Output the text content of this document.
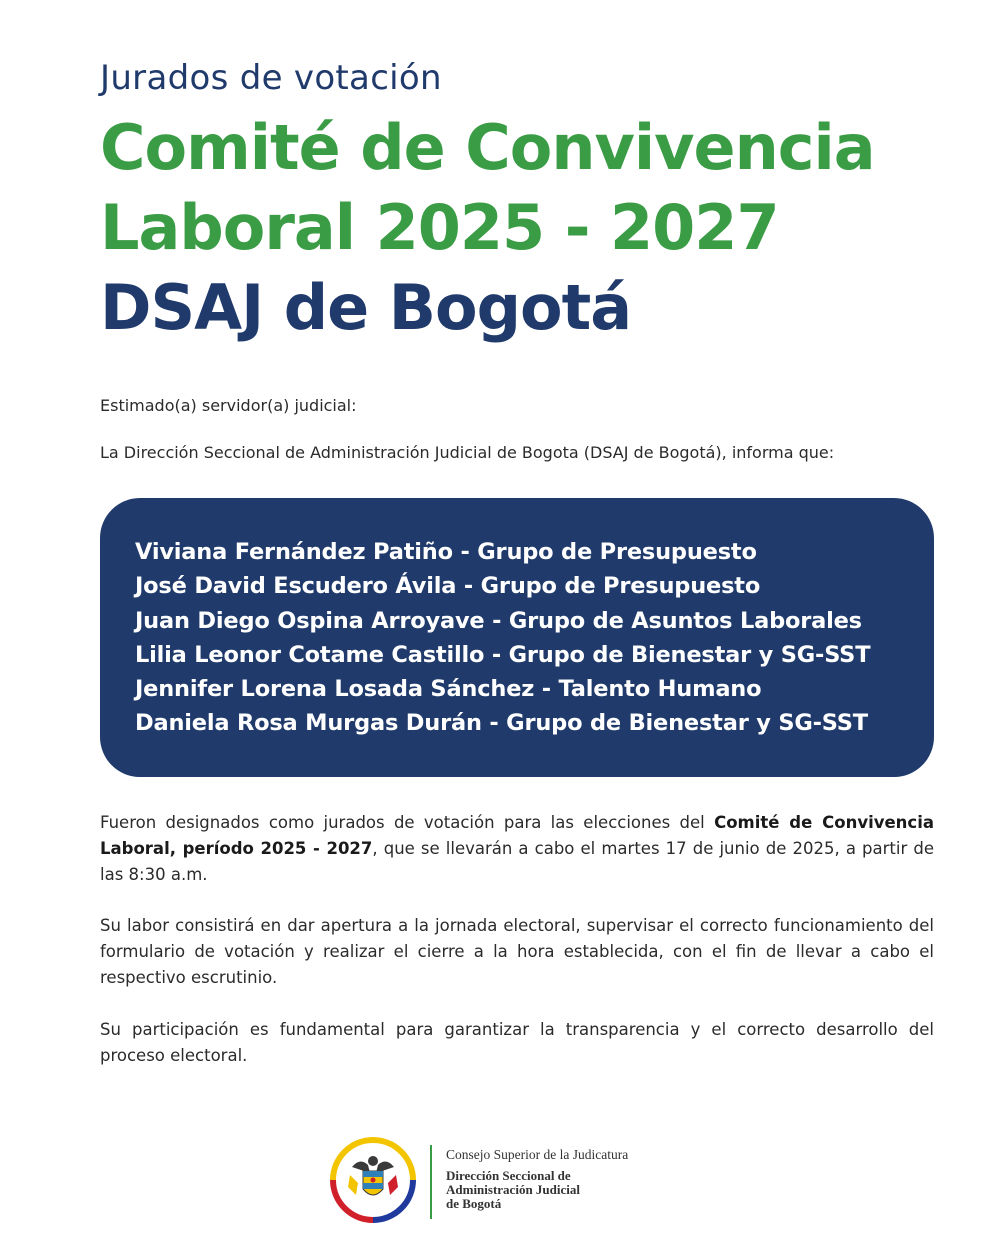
Jurados de votación
Comité de Convivencia
Laboral 2025 - 2027
DSAJ de Bogotá
Estimado(a) servidor(a) judicial:
La Dirección Seccional de Administración Judicial de Bogota (DSAJ de Bogotá), informa que:
Viviana Fernández Patiño - Grupo de Presupuesto
José David Escudero Ávila - Grupo de Presupuesto
Juan Diego Ospina Arroyave - Grupo de Asuntos Laborales
Lilia Leonor Cotame Castillo - Grupo de Bienestar y SG-SST
Jennifer Lorena Losada Sánchez - Talento Humano
Daniela Rosa Murgas Durán - Grupo de Bienestar y SG-SST
Fueron designados como jurados de votación para las elecciones del Comité de Convivencia Laboral, período 2025 - 2027, que se llevarán a cabo el martes 17 de junio de 2025, a partir de las 8:30 a.m.
Su labor consistirá en dar apertura a la jornada electoral, supervisar el correcto funcionamiento del formulario de votación y realizar el cierre a la hora establecida, con el fin de llevar a cabo el respectivo escrutinio.
Su participación es fundamental para garantizar la transparencia y el correcto desarrollo del proceso electoral.
Consejo Superior de la Judicatura
Dirección Seccional de
Administración Judicial
de Bogotá
